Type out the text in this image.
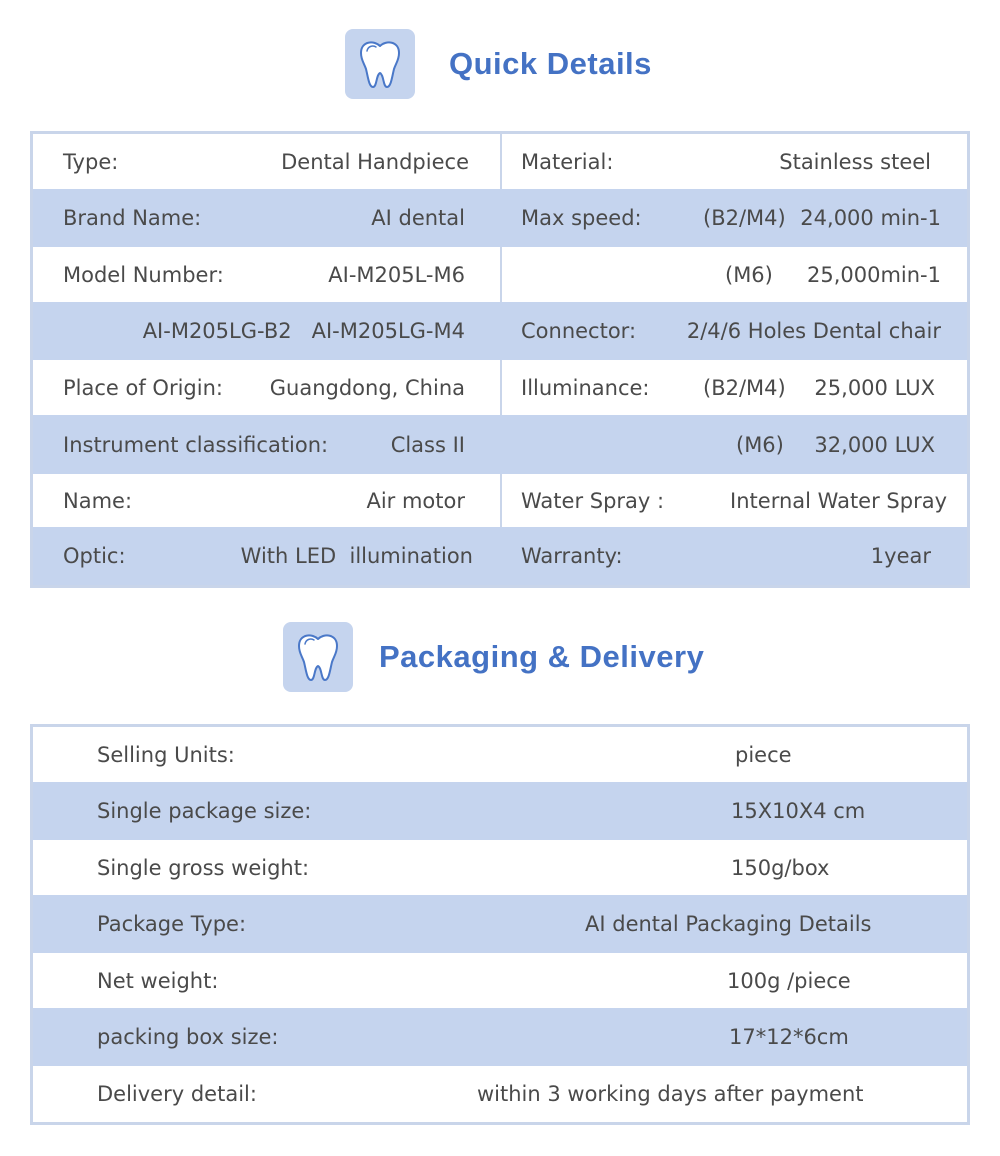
Quick Details
Type:	Dental Handpiece Material:	Stainless steel
Brand Name:	AI dental	Max speed:	(B2/M4) 24,000 min-1
Model Number:	AI-M205L-M6	(M6) 25,000min-1
AI-M205LG-B2   AI-M205LG-M4	Connector: 2/4/6 Holes Dental chair
Place of Origin: Guangdong, China	Illuminance:	(B2/M4) 25,000 LUX
Instrument classification:	Class II	(M6) 32,000 LUX
Name:	Air motor	Water Spray :	Internal Water Spray
Optic:	With LED  illumination Warranty:	1year
Packaging & Delivery
Selling Units:	piece
Single package size:	15X10X4 cm
Single gross weight:	150g/box
Package Type:	AI dental Packaging Details
Net weight:	100g /piece
packing box size:	17*12*6cm
Delivery detail:	within 3 working days after payment
